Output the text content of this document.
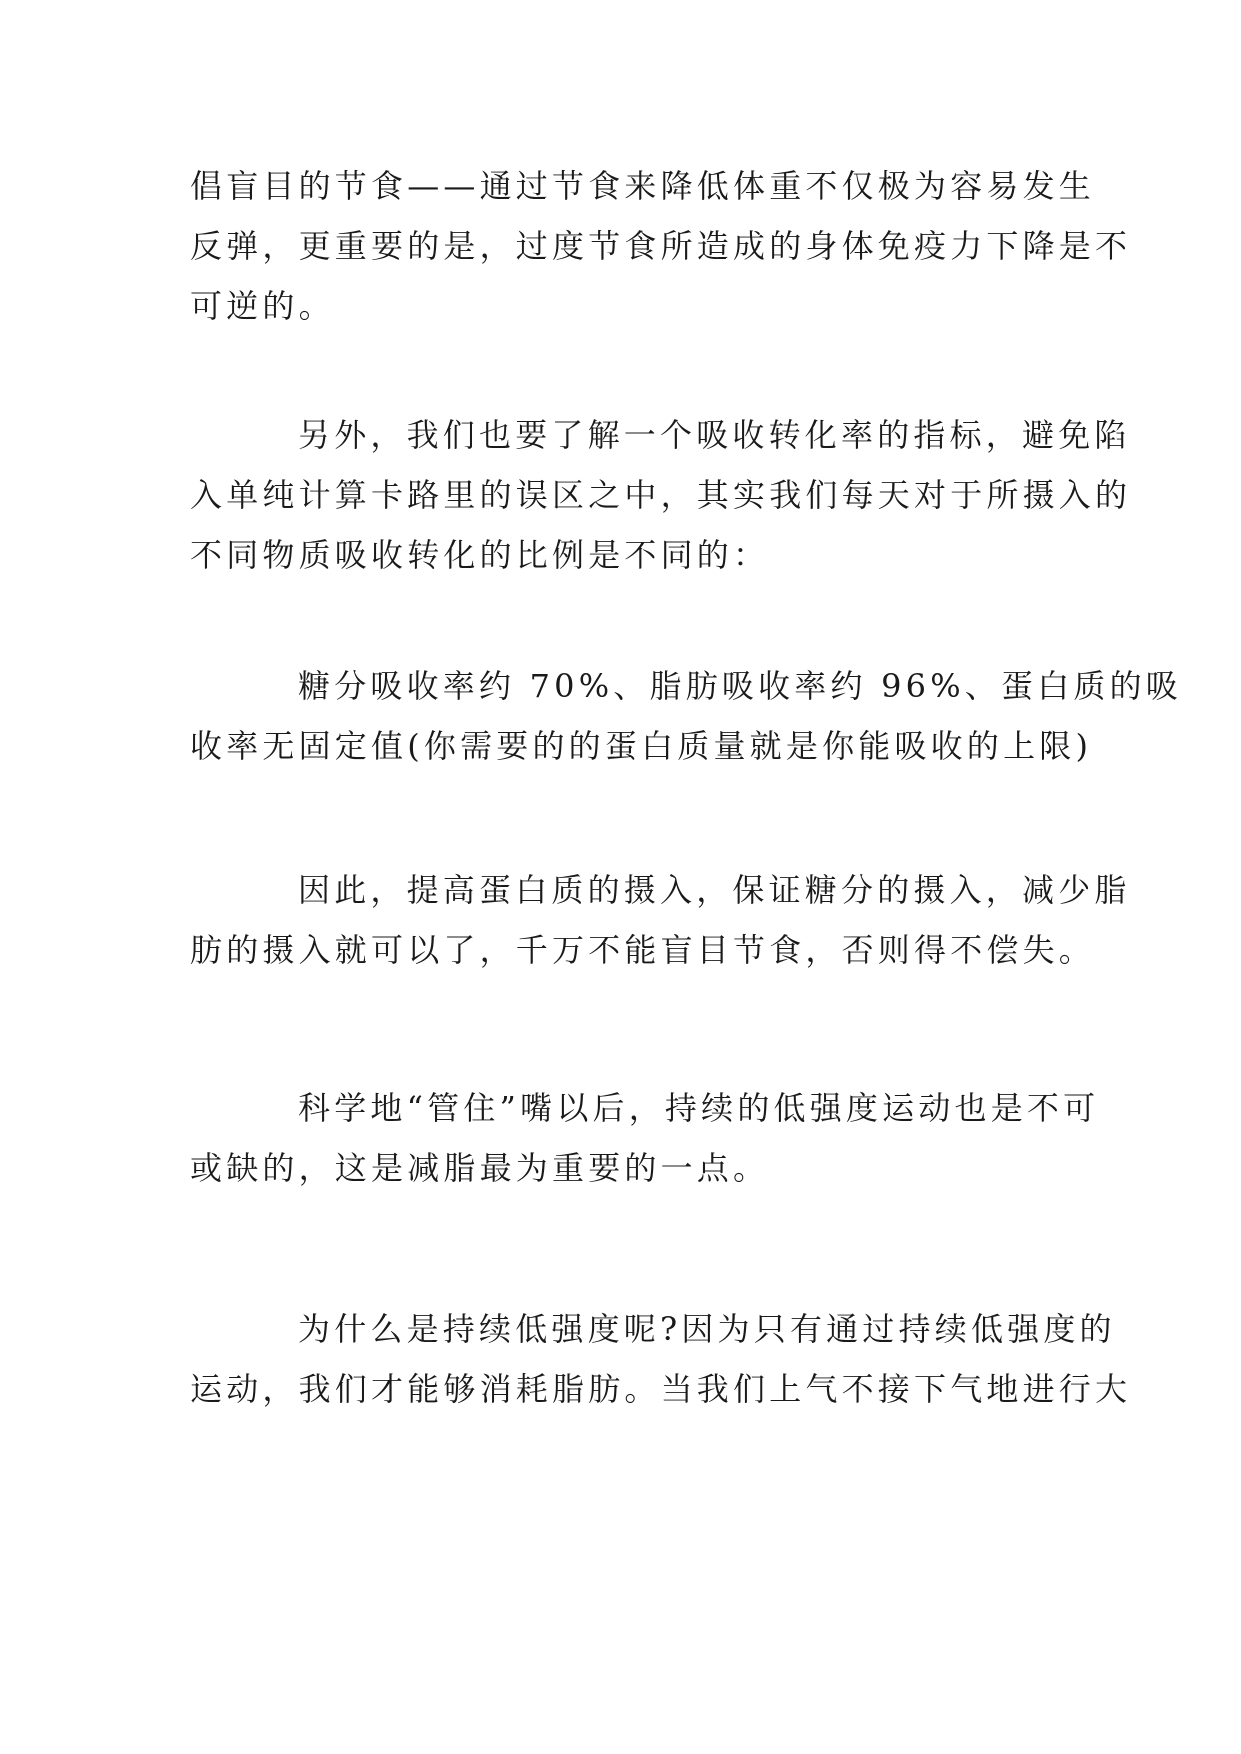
倡盲目的节食——通过节食来降低体重不仅极为容易发生
反弹，更重要的是，过度节食所造成的身体免疫力下降是不
可逆的。
另外，我们也要了解一个吸收转化率的指标，避免陷
入单纯计算卡路里的误区之中，其实我们每天对于所摄入的
不同物质吸收转化的比例是不同的：
糖分吸收率约 70%、脂肪吸收率约 96%、蛋白质的吸
收率无固定值(你需要的的蛋白质量就是你能吸收的上限)
因此，提高蛋白质的摄入，保证糖分的摄入，减少脂
肪的摄入就可以了，千万不能盲目节食，否则得不偿失。
科学地“管住”嘴以后，持续的低强度运动也是不可
或缺的，这是减脂最为重要的一点。
为什么是持续低强度呢?因为只有通过持续低强度的
运动，我们才能够消耗脂肪。当我们上气不接下气地进行大
